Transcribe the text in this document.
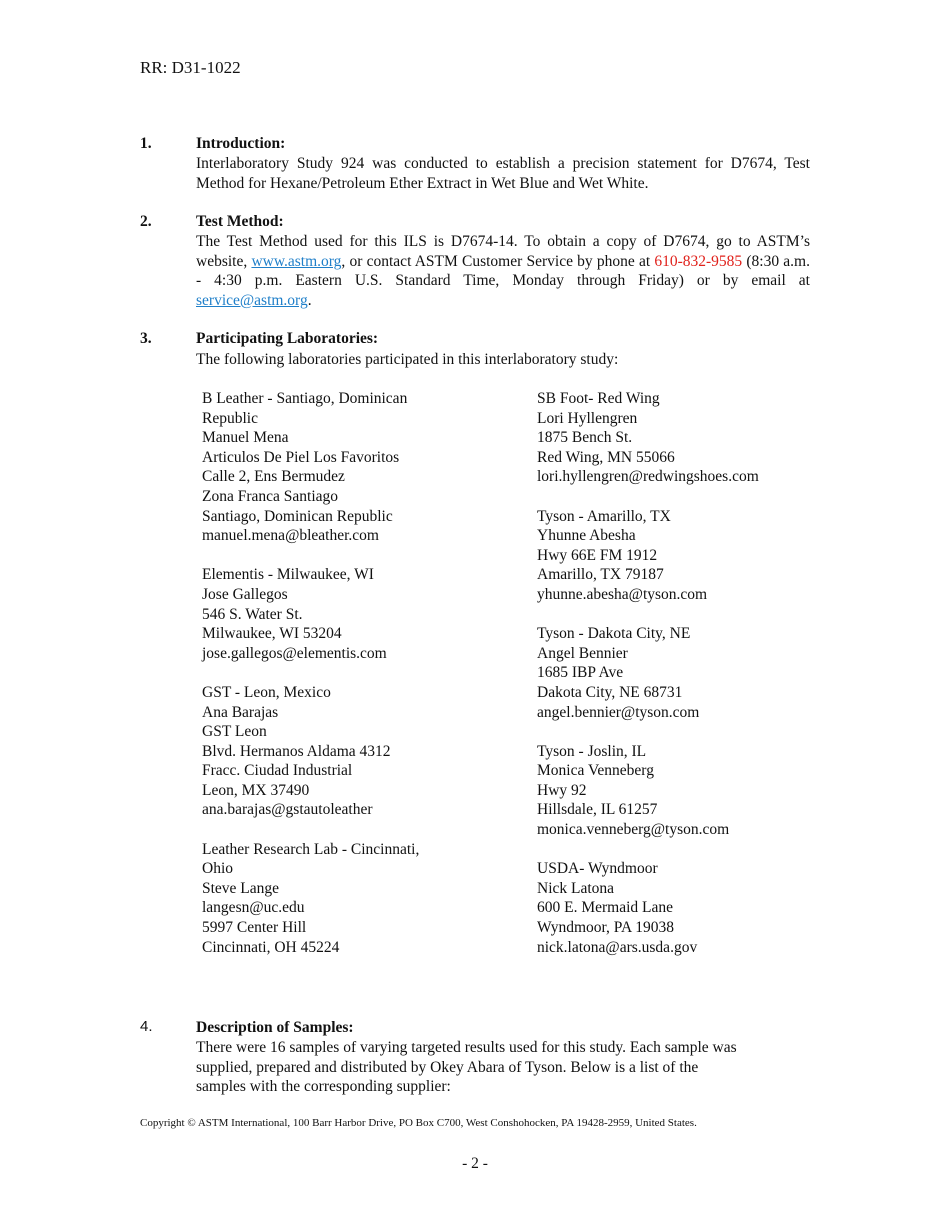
RR: D31-1022
1.	Introduction:
Interlaboratory Study 924 was conducted to establish a precision statement for D7674, Test Method for Hexane/Petroleum Ether Extract in Wet Blue and Wet White.
2.	Test Method:
The Test Method used for this ILS is D7674-14. To obtain a copy of D7674, go to ASTM’s website, www.astm.org, or contact ASTM Customer Service by phone at 610-832-9585 (8:30 a.m. - 4:30 p.m. Eastern U.S. Standard Time, Monday through Friday) or by email at service@astm.org.
3.	Participating Laboratories:
The following laboratories participated in this interlaboratory study:
B Leather - Santiago, Dominican
Republic
Manuel Mena
Articulos De Piel Los Favoritos
Calle 2, Ens Bermudez
Zona Franca Santiago
Santiago, Dominican Republic
manuel.mena@bleather.com
Elementis - Milwaukee, WI
Jose Gallegos
546 S. Water St.
Milwaukee, WI 53204
jose.gallegos@elementis.com
GST - Leon, Mexico
Ana Barajas
GST Leon
Blvd. Hermanos Aldama 4312
Fracc. Ciudad Industrial
Leon, MX 37490
ana.barajas@gstautoleather
Leather Research Lab - Cincinnati,
Ohio
Steve Lange
langesn@uc.edu
5997 Center Hill
Cincinnati, OH 45224
SB Foot- Red Wing
Lori Hyllengren
1875 Bench St.
Red Wing, MN 55066
lori.hyllengren@redwingshoes.com
Tyson - Amarillo, TX
Yhunne Abesha
Hwy 66E FM 1912
Amarillo, TX 79187
yhunne.abesha@tyson.com
Tyson - Dakota City, NE
Angel Bennier
1685 IBP Ave
Dakota City, NE 68731
angel.bennier@tyson.com
Tyson - Joslin, IL
Monica Venneberg
Hwy 92
Hillsdale, IL 61257
monica.venneberg@tyson.com
USDA- Wyndmoor
Nick Latona
600 E. Mermaid Lane
Wyndmoor, PA 19038
nick.latona@ars.usda.gov
4.	Description of Samples:
There were 16 samples of varying targeted results used for this study. Each sample was
supplied, prepared and distributed by Okey Abara of Tyson. Below is a list of the
samples with the corresponding supplier:
Copyright © ASTM International, 100 Barr Harbor Drive, PO Box C700, West Conshohocken, PA 19428-2959, United States.
- 2 -
